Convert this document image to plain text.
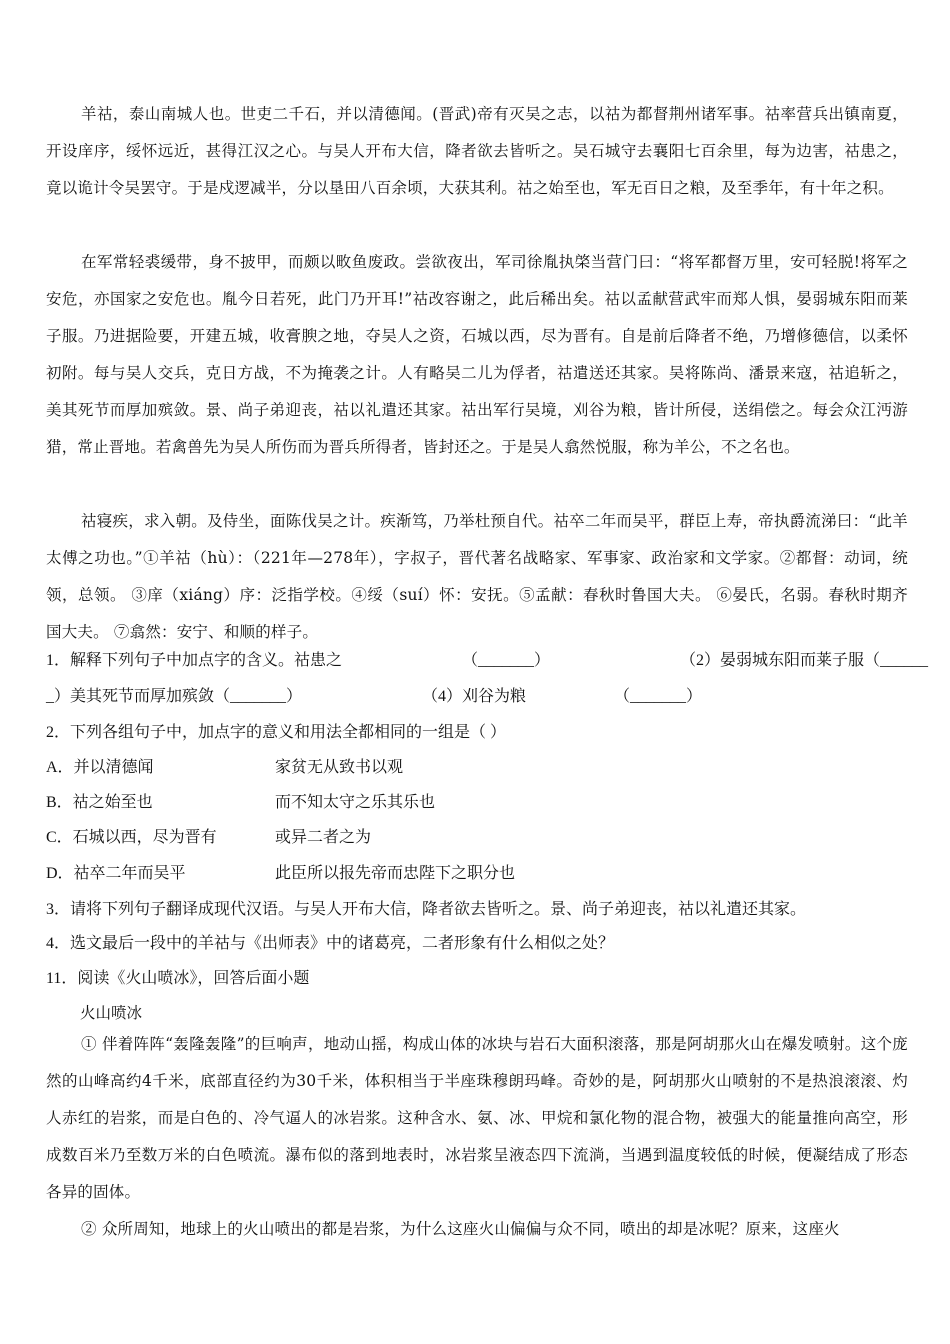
羊祜，泰山南城人也。世吏二千石，并以清德闻。(晋武)帝有灭吴之志，以祜为都督荆州诸军事。祜率营兵出镇南夏，开设庠序，绥怀远近，甚得江汉之心。与吴人开布大信，降者欲去皆听之。吴石城守去襄阳七百余里，每为边害，祜患之，竟以诡计令吴罢守。于是戍逻减半，分以垦田八百余顷，大获其利。祜之始至也，军无百日之粮，及至季年，有十年之积。
在军常轻裘缓带，身不披甲，而颇以畋鱼废政。尝欲夜出，军司徐胤执棨当营门曰：“将军都督万里，安可轻脱!将军之安危，亦国家之安危也。胤今日若死，此门乃开耳!”祜改容谢之，此后稀出矣。祜以孟献营武牢而郑人惧，晏弱城东阳而莱子服。乃进据险要，开建五城，收膏腴之地，夺吴人之资，石城以西，尽为晋有。自是前后降者不绝，乃增修德信，以柔怀初附。每与吴人交兵，克日方战，不为掩袭之计。人有略吴二儿为俘者，祜遣送还其家。吴将陈尚、潘景来寇，祜追斩之，美其死节而厚加殡敛。景、尚子弟迎丧，祜以礼遣还其家。祜出军行吴境，刈谷为粮，皆计所侵，送绢偿之。每会众江沔游猎，常止晋地。若禽兽先为吴人所伤而为晋兵所得者，皆封还之。于是吴人翕然悦服，称为羊公，不之名也。
祜寝疾，求入朝。及侍坐，面陈伐吴之计。疾渐笃，乃举杜预自代。祜卒二年而吴平，群臣上寿，帝执爵流涕曰：“此羊太傅之功也。”①羊祜（hù）：（221年—278年），字叔子，晋代著名战略家、军事家、政治家和文学家。②都督：动词，统领，总领。 ③庠（xiáng）序：泛指学校。④绥（suí）怀：安抚。⑤孟献：春秋时鲁国大夫。 ⑥晏氏，名弱。春秋时期齐国大夫。 ⑦翕然：安宁、和顺的样子。
1．解释下列句子中加点字的含义。祜患之	（_______）	（2）晏弱城东阳而莱子服（______
_）美其死节而厚加殡敛（_______）	（4）刈谷为粮	（_______）
2．下列各组句子中，加点字的意义和用法全都相同的一组是（ ）
A．并以清德闻	家贫无从致书以观
B．祜之始至也	而不知太守之乐其乐也
C．石城以西，尽为晋有	或异二者之为
D．祜卒二年而吴平	此臣所以报先帝而忠陛下之职分也
3．请将下列句子翻译成现代汉语。与吴人开布大信，降者欲去皆听之。景、尚子弟迎丧，祜以礼遣还其家。
4．选文最后一段中的羊祜与《出师表》中的诸葛亮，二者形象有什么相似之处？
11．阅读《火山喷冰》，回答后面小题
火山喷冰
① 伴着阵阵“轰隆轰隆”的巨响声，地动山摇，构成山体的冰块与岩石大面积滚落，那是阿胡那火山在爆发喷射。这个庞然的山峰高约4千米，底部直径约为30千米，体积相当于半座珠穆朗玛峰。奇妙的是，阿胡那火山喷射的不是热浪滚滚、灼人赤红的岩浆，而是白色的、冷气逼人的冰岩浆。这种含水、氨、冰、甲烷和氯化物的混合物，被强大的能量推向高空，形成数百米乃至数万米的白色喷流。瀑布似的落到地表时，冰岩浆呈液态四下流淌，当遇到温度较低的时候，便凝结成了形态各异的固体。
② 众所周知，地球上的火山喷出的都是岩浆，为什么这座火山偏偏与众不同，喷出的却是冰呢？原来，这座火
